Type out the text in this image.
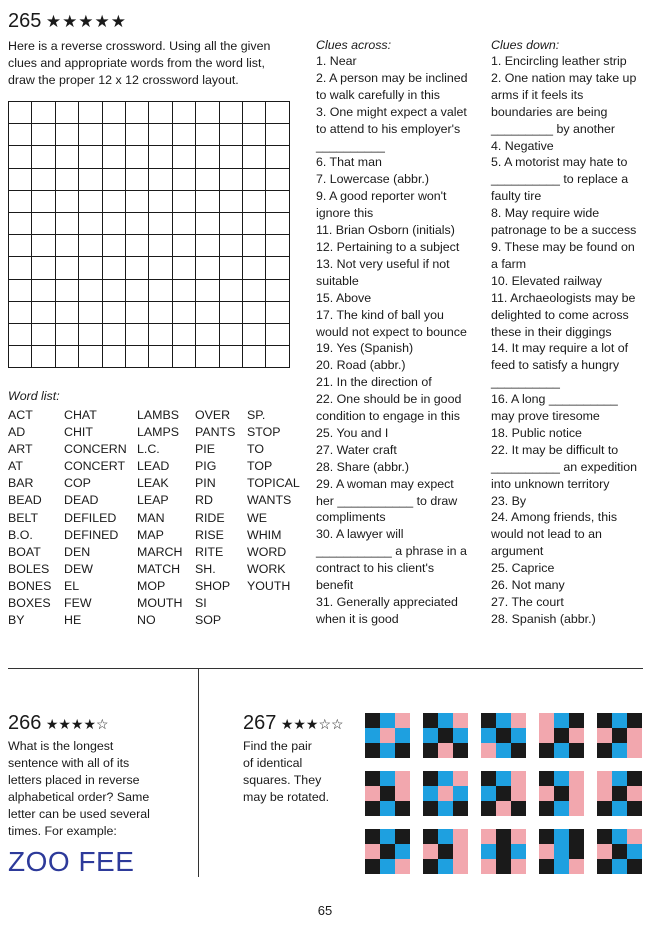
265 ★★★★★
Here is a reverse crossword. Using all the given
clues and appropriate words from the word list,
draw the proper 12 x 12 crossword layout.

Word list:
ACT
AD
ART
AT
BAR
BEAD
BELT
B.O.
BOAT
BOLES
BONES
BOXES
BY
CHAT
CHIT
CONCERN
CONCERT
COP
DEAD
DEFILED
DEFINED
DEN
DEW
EL
FEW
HE
LAMBS
LAMPS
L.C.
LEAD
LEAK
LEAP
MAN
MAP
MARCH
MATCH
MOP
MOUTH
NO
OVER
PANTS
PIE
PIG
PIN
RD
RIDE
RISE
RITE
SH.
SHOP
SI
SOP
SP.
STOP
TO
TOP
TOPICAL
WANTS
WE
WHIM
WORD
WORK
YOUTH
Clues across:
1. Near
2. A person may be inclined
to walk carefully in this
3. One might expect a valet
to attend to his employer's
__________
6. That man
7. Lowercase (abbr.)
9. A good reporter won't
ignore this
11. Brian Osborn (initials)
12. Pertaining to a subject
13. Not very useful if not
suitable
15. Above
17. The kind of ball you
would not expect to bounce
19. Yes (Spanish)
20. Road (abbr.)
21. In the direction of
22. One should be in good
condition to engage in this
25. You and I
27. Water craft
28. Share (abbr.)
29. A woman may expect
her ___________ to draw
compliments
30. A lawyer will
___________ a phrase in a
contract to his client's
benefit
31. Generally appreciated
when it is good
Clues down:
1. Encircling leather strip
2. One nation may take up
arms if it feels its
boundaries are being
_________ by another
4. Negative
5. A motorist may hate to
__________ to replace a
faulty tire
8. May require wide
patronage to be a success
9. These may be found on
a farm
10. Elevated railway
11. Archaeologists may be
delighted to come across
these in their diggings
14. It may require a lot of
feed to satisfy a hungry
__________
16. A long __________
may prove tiresome
18. Public notice
22. It may be difficult to
__________ an expedition
into unknown territory
23. By
24. Among friends, this
would not lead to an
argument
25. Caprice
26. Not many
27. The court
28. Spanish (abbr.)
266 ★★★★☆
What is the longest
sentence with all of its
letters placed in reverse
alphabetical order? Same
letter can be used several
times. For example:
ZOO FEE
267 ★★★☆☆
Find the pair
of identical
squares. They
may be rotated.
65
